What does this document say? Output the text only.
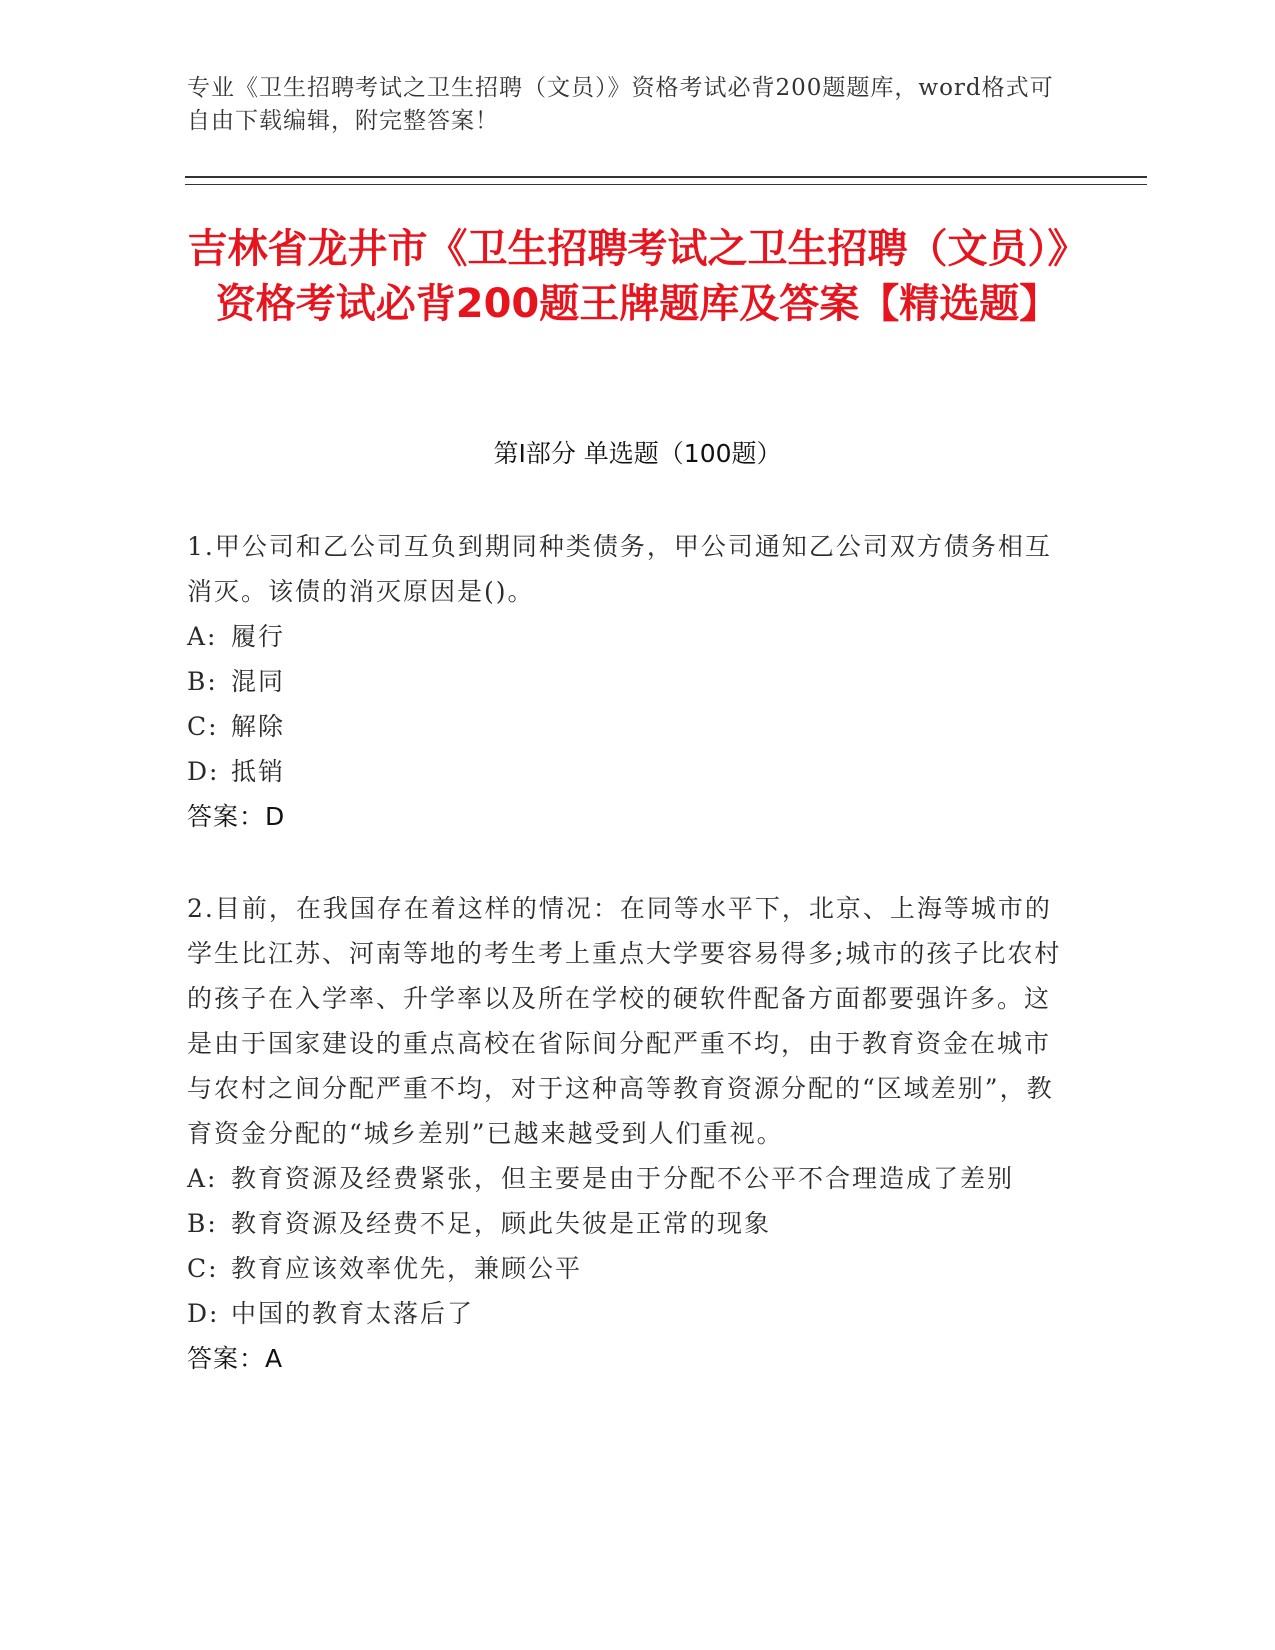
专业《卫生招聘考试之卫生招聘（文员）》资格考试必背200题题库，word格式可自由下载编辑，附完整答案！
吉林省龙井市《卫生招聘考试之卫生招聘（文员）》资格考试必背200题王牌题库及答案【精选题】
第Ⅰ部分 单选题（100题）

1.甲公司和乙公司互负到期同种类债务，甲公司通知乙公司双方债务相互消灭。该债的消灭原因是()。

A: 履行

B: 混同

C: 解除

D: 抵销

答案：D

2.目前，在我国存在着这样的情况：在同等水平下，北京、上海等城市的学生比江苏、河南等地的考生考上重点大学要容易得多;城市的孩子比农村的孩子在入学率、升学率以及所在学校的硬软件配备方面都要强许多。这是由于国家建设的重点高校在省际间分配严重不均，由于教育资金在城市与农村之间分配严重不均，对于这种高等教育资源分配的“区域差别”，教育资金分配的“城乡差别”已越来越受到人们重视。

A: 教育资源及经费紧张，但主要是由于分配不公平不合理造成了差别

B: 教育资源及经费不足，顾此失彼是正常的现象

C: 教育应该效率优先，兼顾公平

D: 中国的教育太落后了

答案：A
